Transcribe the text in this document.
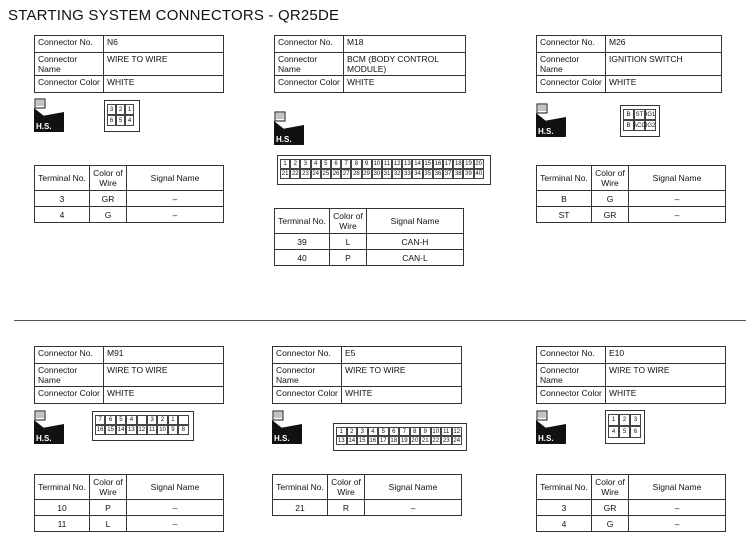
STARTING SYSTEM CONNECTORS - QR25DE
Connector No.	N6
Connector Name	WIRE TO WIRE
Connector Color	WHITE
H.S.
3 2 1
6 5 4
Terminal No.	Color of Wire	Signal Name
3	GR	–
4	G	–
Connector No.	M18
Connector Name	BCM (BODY CONTROL MODULE)
Connector Color	WHITE
H.S.
1	2	3	4	5	6	7	8	9 10 11 12 13 14 15 16 17 18 19 20
21 22 23 24 25 26 27 28 29 30 31 32 33 34 35 36 37 38 39 40
Terminal No.	Color of Wire	Signal Name
39	L	CAN-H
40	P	CAN-L
Connector No.	M26
Connector Name	IGNITION SWITCH
Connector Color	WHITE
H.S.
B ST IG1
B ACC IG2
Terminal No.	Color of Wire	Signal Name
B	G	–
ST	GR	–
Connector No.	M91
Connector Name	WIRE TO WIRE
Connector Color	WHITE
H.S.
7	6	5	4	3	2	1
16 15 14 13 12 11 10 9	8
Terminal No.	Color of Wire	Signal Name
10	P	–
11	L	–
Connector No.	E5
Connector Name	WIRE TO WIRE
Connector Color	WHITE
H.S.
1	2	3	4	5	6	7	8	9 10 11 12
13 14 15 16 17 18 19 20 21 22 23 24
Terminal No.	Color of Wire	Signal Name
21	R	–
Connector No.	E10
Connector Name	WIRE TO WIRE
Connector Color	WHITE
H.S.
1	2	3
4	5	6
Terminal No.	Color of Wire	Signal Name
3	GR	–
4	G	–
